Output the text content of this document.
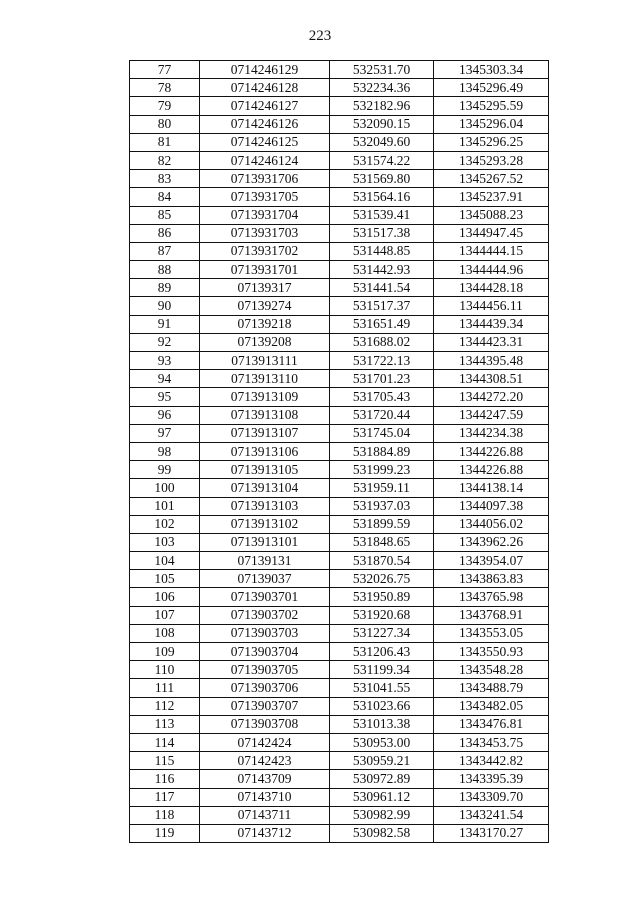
223
77	0714246129	532531.70	1345303.34
78	0714246128	532234.36	1345296.49
79	0714246127	532182.96	1345295.59
80	0714246126	532090.15	1345296.04
81	0714246125	532049.60	1345296.25
82	0714246124	531574.22	1345293.28
83	0713931706	531569.80	1345267.52
84	0713931705	531564.16	1345237.91
85	0713931704	531539.41	1345088.23
86	0713931703	531517.38	1344947.45
87	0713931702	531448.85	1344444.15
88	0713931701	531442.93	1344444.96
89	07139317	531441.54	1344428.18
90	07139274	531517.37	1344456.11
91	07139218	531651.49	1344439.34
92	07139208	531688.02	1344423.31
93	0713913111	531722.13	1344395.48
94	0713913110	531701.23	1344308.51
95	0713913109	531705.43	1344272.20
96	0713913108	531720.44	1344247.59
97	0713913107	531745.04	1344234.38
98	0713913106	531884.89	1344226.88
99	0713913105	531999.23	1344226.88
100	0713913104	531959.11	1344138.14
101	0713913103	531937.03	1344097.38
102	0713913102	531899.59	1344056.02
103	0713913101	531848.65	1343962.26
104	07139131	531870.54	1343954.07
105	07139037	532026.75	1343863.83
106	0713903701	531950.89	1343765.98
107	0713903702	531920.68	1343768.91
108	0713903703	531227.34	1343553.05
109	0713903704	531206.43	1343550.93
110	0713903705	531199.34	1343548.28
111	0713903706	531041.55	1343488.79
112	0713903707	531023.66	1343482.05
113	0713903708	531013.38	1343476.81
114	07142424	530953.00	1343453.75
115	07142423	530959.21	1343442.82
116	07143709	530972.89	1343395.39
117	07143710	530961.12	1343309.70
118	07143711	530982.99	1343241.54
119	07143712	530982.58	1343170.27
